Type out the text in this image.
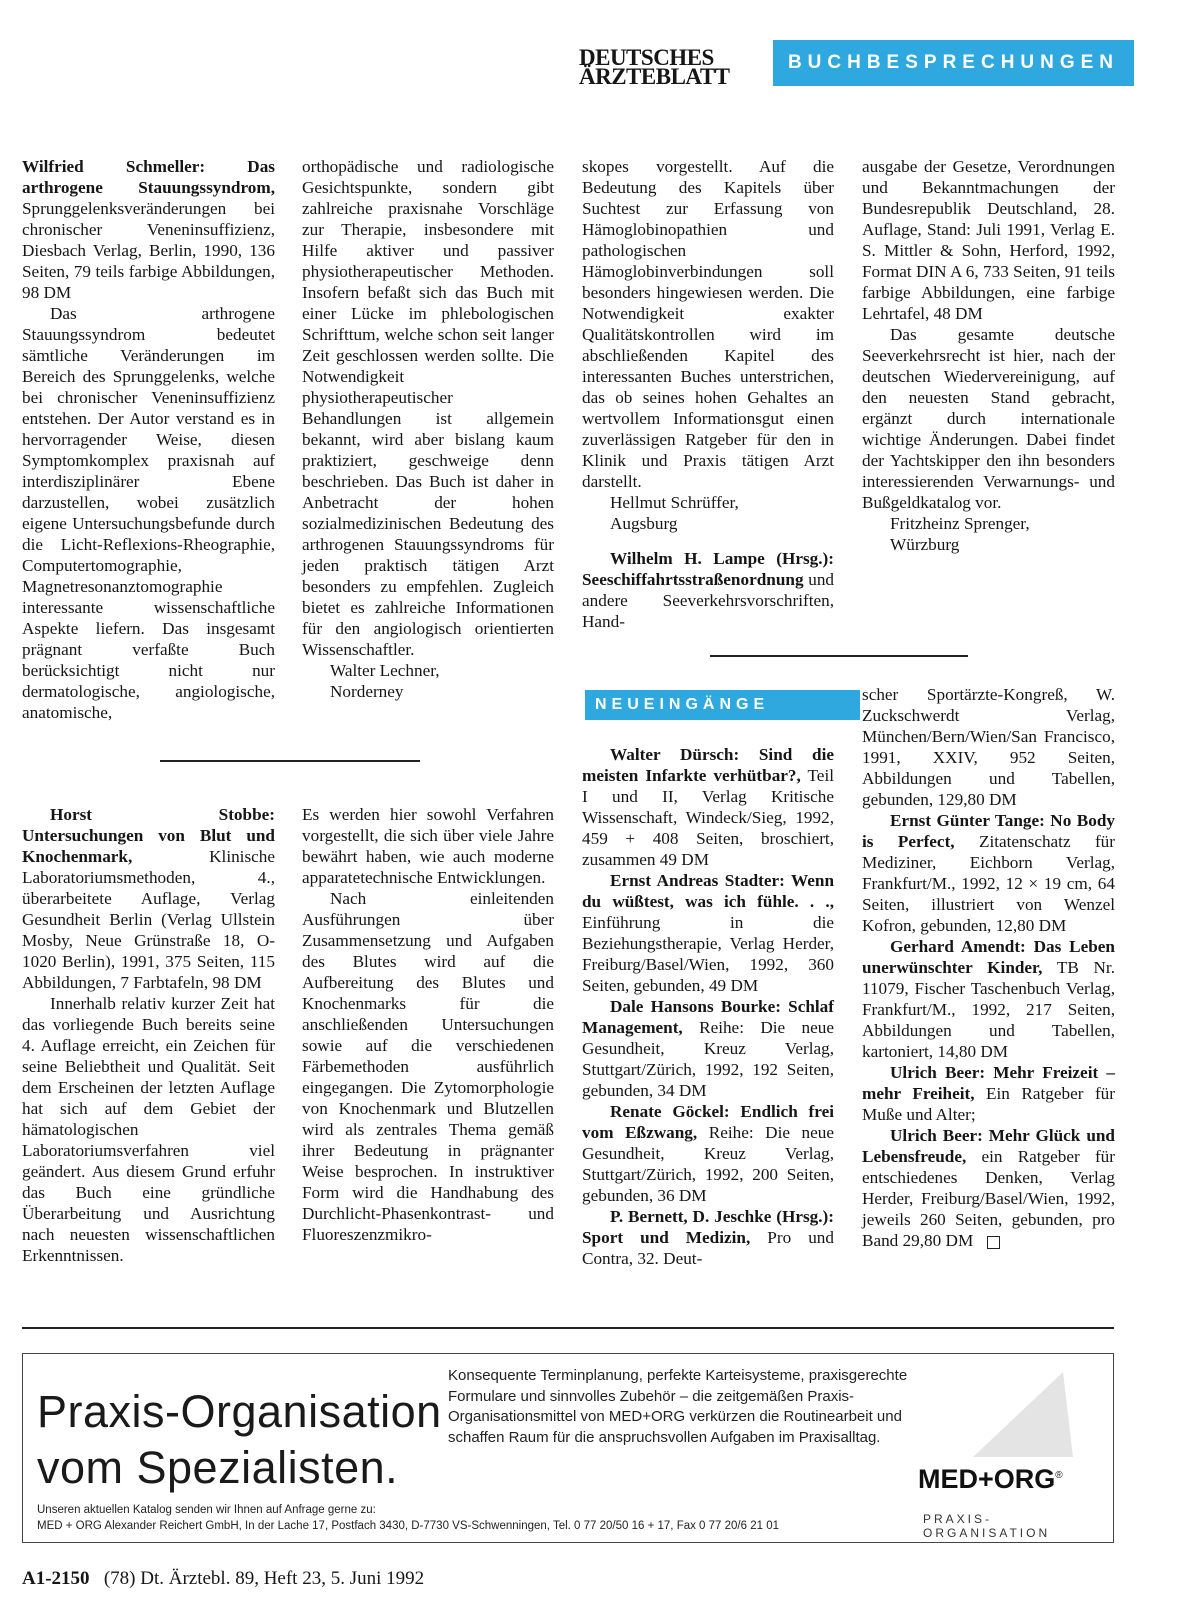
DEUTSCHES
ÄRZTEBLATT
BUCHBESPRECHUNGEN

Wilfried Schmeller: Das arthrogene Stauungssyndrom, Sprunggelenksveränderungen bei chronischer Veneninsuffizienz, Diesbach Verlag, Berlin, 1990, 136 Seiten, 79 teils farbige Abbildungen, 98 DM

Das arthrogene Stauungssyndrom bedeutet sämtliche Veränderungen im Bereich des Sprunggelenks, welche bei chronischer Veneninsuffizienz entstehen. Der Autor verstand es in hervorragender Weise, diesen Symptomkomplex praxisnah auf interdisziplinärer Ebene darzustellen, wobei zusätzlich eigene Untersuchungsbefunde durch die Licht-Reflexions-Rheographie, Computertomographie, Magnetresonanztomographie interessante wissenschaftliche Aspekte liefern. Das insgesamt prägnant verfaßte Buch berücksichtigt nicht nur dermatologische, angiologische, anatomische,

orthopädische und radiologische Gesichtspunkte, sondern gibt zahlreiche praxisnahe Vorschläge zur Therapie, insbesondere mit Hilfe aktiver und passiver physiotherapeutischer Methoden. Insofern befaßt sich das Buch mit einer Lücke im phlebologischen Schrifttum, welche schon seit langer Zeit geschlossen werden sollte. Die Notwendigkeit physiotherapeutischer Behandlungen ist allgemein bekannt, wird aber bislang kaum praktiziert, geschweige denn beschrieben. Das Buch ist daher in Anbetracht der hohen sozialmedizinischen Bedeutung des arthrogenen Stauungssyndroms für jeden praktisch tätigen Arzt besonders zu empfehlen. Zugleich bietet es zahlreiche Informationen für den angiologisch orientierten Wissenschaftler.

Walter Lechner,

Norderney

skopes vorgestellt. Auf die Bedeutung des Kapitels über Suchtest zur Erfassung von Hämoglobinopathien und pathologischen Hämoglobinverbindungen soll besonders hingewiesen werden. Die Notwendigkeit exakter Qualitätskontrollen wird im abschließenden Kapitel des interessanten Buches unterstrichen, das ob seines hohen Gehaltes an wertvollem Informationsgut einen zuverlässigen Ratgeber für den in Klinik und Praxis tätigen Arzt darstellt.

Hellmut Schrüffer,

Augsburg

Wilhelm H. Lampe (Hrsg.): Seeschiffahrtsstraßenordnung und andere Seeverkehrsvorschriften, Hand-

ausgabe der Gesetze, Verordnungen und Bekanntmachungen der Bundesrepublik Deutschland, 28. Auflage, Stand: Juli 1991, Verlag E. S. Mittler & Sohn, Herford, 1992, Format DIN A 6, 733 Seiten, 91 teils farbige Abbildungen, eine farbige Lehrtafel, 48 DM

Das gesamte deutsche Seeverkehrsrecht ist hier, nach der deutschen Wiedervereinigung, auf den neuesten Stand gebracht, ergänzt durch internationale wichtige Änderungen. Dabei findet der Yachtskipper den ihn besonders interessierenden Verwarnungs- und Bußgeldkatalog vor.

Fritzheinz Sprenger,

Würzburg

Horst Stobbe: Untersuchungen von Blut und Knochenmark, Klinische Laboratoriumsmethoden, 4., überarbeitete Auflage, Verlag Gesundheit Berlin (Verlag Ullstein Mosby, Neue Grünstraße 18, O-1020 Berlin), 1991, 375 Seiten, 115 Abbildungen, 7 Farbtafeln, 98 DM

Innerhalb relativ kurzer Zeit hat das vorliegende Buch bereits seine 4. Auflage erreicht, ein Zeichen für seine Beliebtheit und Qualität. Seit dem Erscheinen der letzten Auflage hat sich auf dem Gebiet der hämatologischen Laboratoriumsverfahren viel geändert. Aus diesem Grund erfuhr das Buch eine gründliche Überarbeitung und Ausrichtung nach neuesten wissenschaftlichen Erkenntnissen.

Es werden hier sowohl Verfahren vorgestellt, die sich über viele Jahre bewährt haben, wie auch moderne apparatetechnische Entwicklungen.

Nach einleitenden Ausführungen über Zusammensetzung und Aufgaben des Blutes wird auf die Aufbereitung des Blutes und Knochenmarks für die anschließenden Untersuchungen sowie auf die verschiedenen Färbemethoden ausführlich eingegangen. Die Zytomorphologie von Knochenmark und Blutzellen wird als zentrales Thema gemäß ihrer Bedeutung in prägnanter Weise besprochen. In instruktiver Form wird die Handhabung des Durchlicht-Phasenkontrast- und Fluoreszenzmikro-

NEUEINGÄNGE

Walter Dürsch: Sind die meisten Infarkte verhütbar?, Teil I und II, Verlag Kritische Wissenschaft, Windeck/Sieg, 1992, 459 + 408 Seiten, broschiert, zusammen 49 DM

Ernst Andreas Stadter: Wenn du wüßtest, was ich fühle. . ., Einführung in die Beziehungstherapie, Verlag Herder, Freiburg/Basel/Wien, 1992, 360 Seiten, gebunden, 49 DM

Dale Hansons Bourke: Schlaf Management, Reihe: Die neue Gesundheit, Kreuz Verlag, Stuttgart/Zürich, 1992, 192 Seiten, gebunden, 34 DM

Renate Göckel: Endlich frei vom Eßzwang, Reihe: Die neue Gesundheit, Kreuz Verlag, Stuttgart/Zürich, 1992, 200 Seiten, gebunden, 36 DM

P. Bernett, D. Jeschke (Hrsg.): Sport und Medizin, Pro und Contra, 32. Deut-

scher Sportärzte-Kongreß, W. Zuckschwerdt Verlag, München/Bern/Wien/San Francisco, 1991, XXIV, 952 Seiten, Abbildungen und Tabellen, gebunden, 129,80 DM

Ernst Günter Tange: No Body is Perfect, Zitatenschatz für Mediziner, Eichborn Verlag, Frankfurt/M., 1992, 12 × 19 cm, 64 Seiten, illustriert von Wenzel Kofron, gebunden, 12,80 DM

Gerhard Amendt: Das Leben unerwünschter Kinder, TB Nr. 11079, Fischer Taschenbuch Verlag, Frankfurt/M., 1992, 217 Seiten, Abbildungen und Tabellen, kartoniert, 14,80 DM

Ulrich Beer: Mehr Freizeit – mehr Freiheit, Ein Ratgeber für Muße und Alter;

Ulrich Beer: Mehr Glück und Lebensfreude, ein Ratgeber für entschiedenes Denken, Verlag Herder, Freiburg/Basel/Wien, 1992, jeweils 260 Seiten, gebunden, pro Band 29,80 DM

Praxis-Organisation
vom Spezialisten.
Konsequente Terminplanung, perfekte Karteisysteme, praxisgerechte Formulare und sinnvolles Zubehör – die zeitgemäßen Praxis-Organisationsmittel von MED+ORG verkürzen die Routinearbeit und schaffen Raum für die anspruchsvollen Aufgaben im Praxisalltag.
MED+ORG®
PRAXIS-ORGANISATION
Unseren aktuellen Katalog senden wir Ihnen auf Anfrage gerne zu:
MED + ORG Alexander Reichert GmbH, In der Lache 17, Postfach 3430, D-7730 VS-Schwenningen, Tel. 0 77 20/50 16 + 17, Fax 0 77 20/6 21 01
A1-2150 (78) Dt. Ärztebl. 89, Heft 23, 5. Juni 1992
